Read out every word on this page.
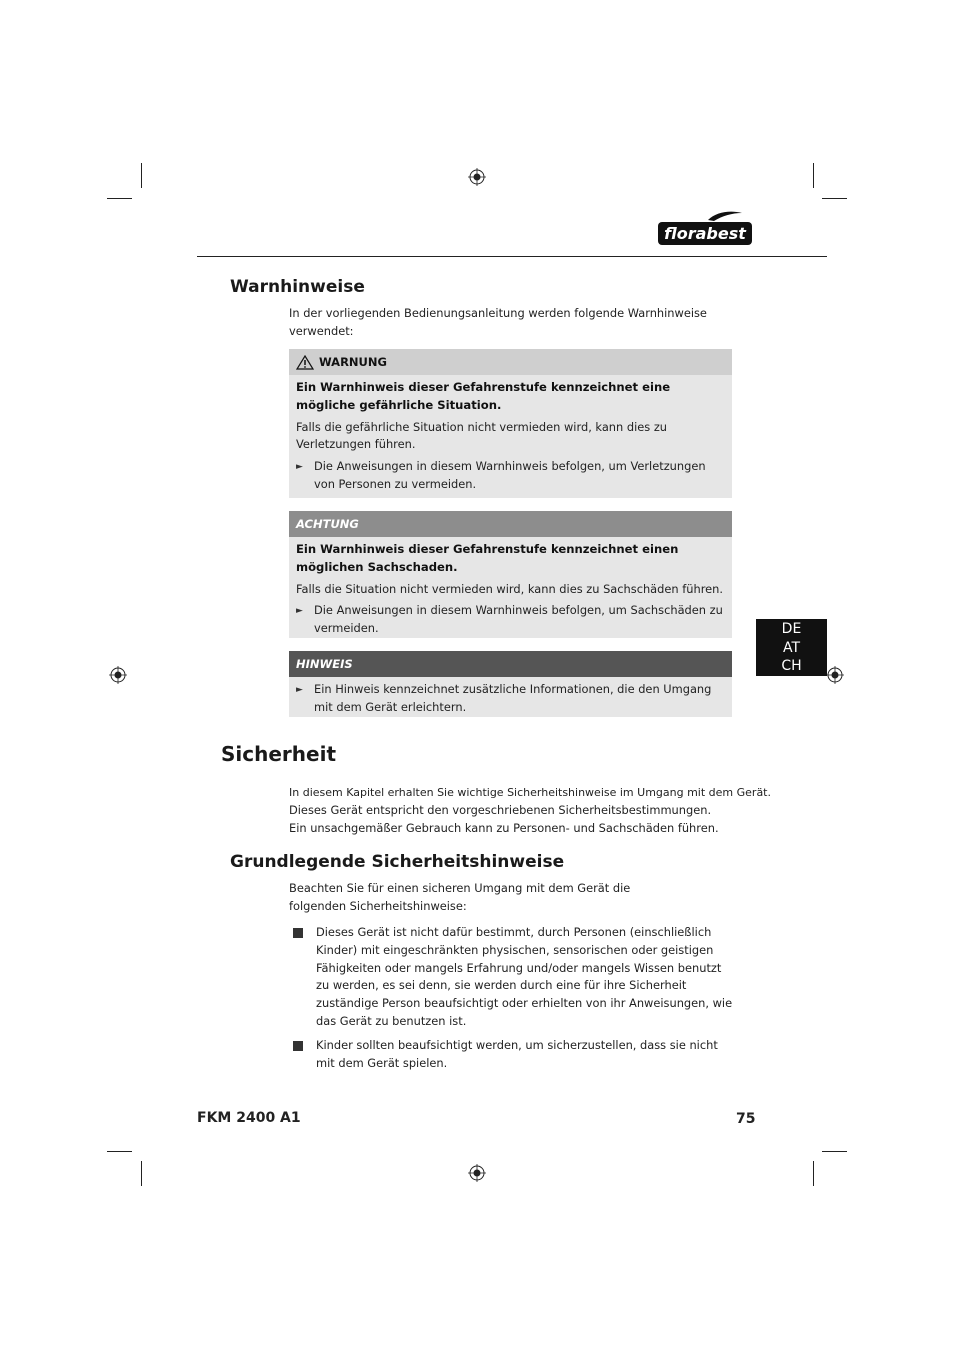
florabest
Warnhinweise
In der vorliegenden Bedienungsanleitung werden folgende Warnhinweise verwendet:
WARNUNG

Ein Warnhinweis dieser Gefahrenstufe kennzeichnet eine mögliche gefährliche Situation.

Falls die gefährliche Situation nicht vermieden wird, kann dies zu Verletzungen führen.

► Die Anweisungen in diesem Warnhinweis befolgen, um Verletzungen von Personen zu vermeiden.
ACHTUNG

Ein Warnhinweis dieser Gefahrenstufe kennzeichnet einen möglichen Sachschaden.

Falls die Situation nicht vermieden wird, kann dies zu Sachschäden führen.

► Die Anweisungen in diesem Warnhinweis befolgen, um Sachschäden zu vermeiden.
HINWEIS
► Ein Hinweis kennzeichnet zusätzliche Informationen, die den Umgang mit dem Gerät erleichtern.
Sicherheit
In diesem Kapitel erhalten Sie wichtige Sicherheitshinweise im Umgang mit dem Gerät.
Dieses Gerät entspricht den vorgeschriebenen Sicherheitsbestimmungen.
Ein unsachgemäßer Gebrauch kann zu Personen- und Sachschäden führen.
Grundlegende Sicherheitshinweise
Beachten Sie für einen sicheren Umgang mit dem Gerät die folgenden Sicherheitshinweise:
Dieses Gerät ist nicht dafür bestimmt, durch Personen (einschließlich Kinder) mit eingeschränkten physischen, sensorischen oder geistigen Fähigkeiten oder mangels Erfahrung und/oder mangels Wissen benutzt zu werden, es sei denn, sie werden durch eine für ihre Sicherheit zuständige Person beaufsichtigt oder erhielten von ihr Anweisungen, wie das Gerät zu benutzen ist.
Kinder sollten beaufsichtigt werden, um sicherzustellen, dass sie nicht mit dem Gerät spielen.
DE
AT
CH
FKM 2400 A1	75
